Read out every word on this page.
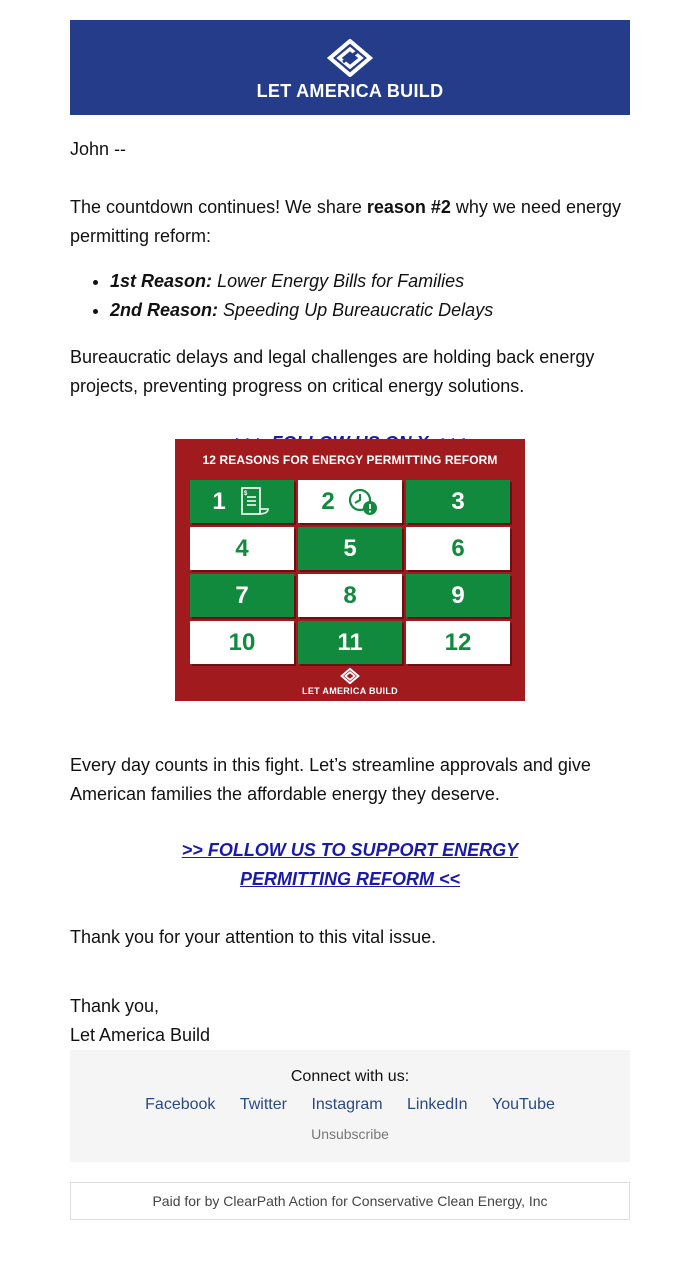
LET AMERICA BUILD

John --

The countdown continues! We share reason #2 why we need energy permitting reform:

• 1st Reason: Lower Energy Bills for Families
• 2nd Reason: Speeding Up Bureaucratic Delays

Bureaucratic delays and legal challenges are holding back energy projects, preventing progress on critical energy solutions.

12 REASONS FOR ENERGY PERMITTING REFORM
1	$	2	3
4	5	6
7	8	9
10	11	12
LET AMERICA BUILD

Every day counts in this fight. Let’s streamline approvals and give American families the affordable energy they deserve.

>> FOLLOW US TO SUPPORT ENERGY
PERMITTING REFORM <<

Thank you for your attention to this vital issue.

Thank you,

Let America Build

Connect with us:
Facebook Twitter Instagram LinkedIn YouTube
Unsubscribe
Paid for by ClearPath Action for Conservative Clean Energy, Inc
